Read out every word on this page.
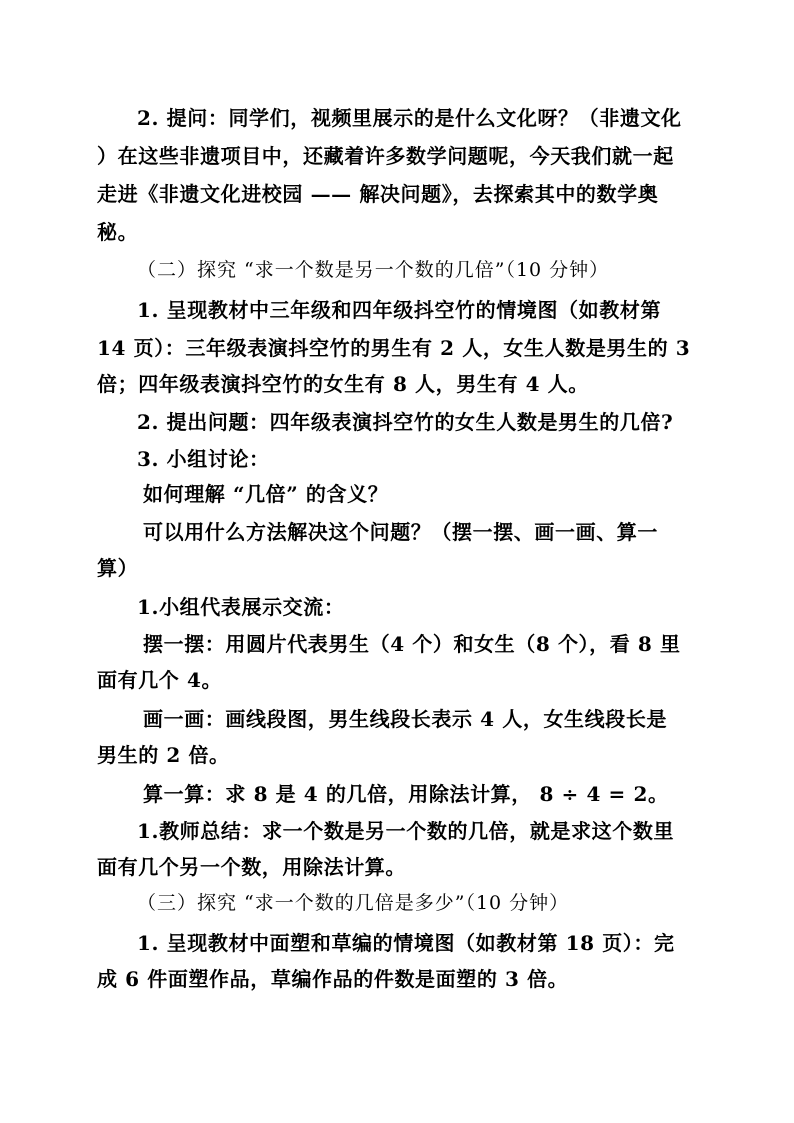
2. 提问：同学们，视频里展示的是什么文化呀？（非遗文化
）在这些非遗项目中，还藏着许多数学问题呢，今天我们就一起
走进《非遗文化进校园 —— 解决问题》，去探索其中的数学奥
秘。
（二）探究 “求一个数是另一个数的几倍”（10 分钟）
1. 呈现教材中三年级和四年级抖空竹的情境图（如教材第
14 页）：三年级表演抖空竹的男生有 2 人，女生人数是男生的 3
倍；四年级表演抖空竹的女生有 8 人，男生有 4 人。
2. 提出问题：四年级表演抖空竹的女生人数是男生的几倍?
3. 小组讨论：
如何理解 “几倍” 的含义？
可以用什么方法解决这个问题？（摆一摆、画一画、算一
算）
1.小组代表展示交流：
摆一摆：用圆片代表男生（4 个）和女生（8 个），看 8 里
面有几个 4。
画一画：画线段图，男生线段长表示 4 人，女生线段长是
男生的 2 倍。
算一算：求 8 是 4 的几倍，用除法计算， 8 ÷ 4 = 2。
1.教师总结：求一个数是另一个数的几倍，就是求这个数里
面有几个另一个数，用除法计算。
（三）探究 “求一个数的几倍是多少”（10 分钟）
1. 呈现教材中面塑和草编的情境图（如教材第 18 页）：完
成 6 件面塑作品，草编作品的件数是面塑的 3 倍。
